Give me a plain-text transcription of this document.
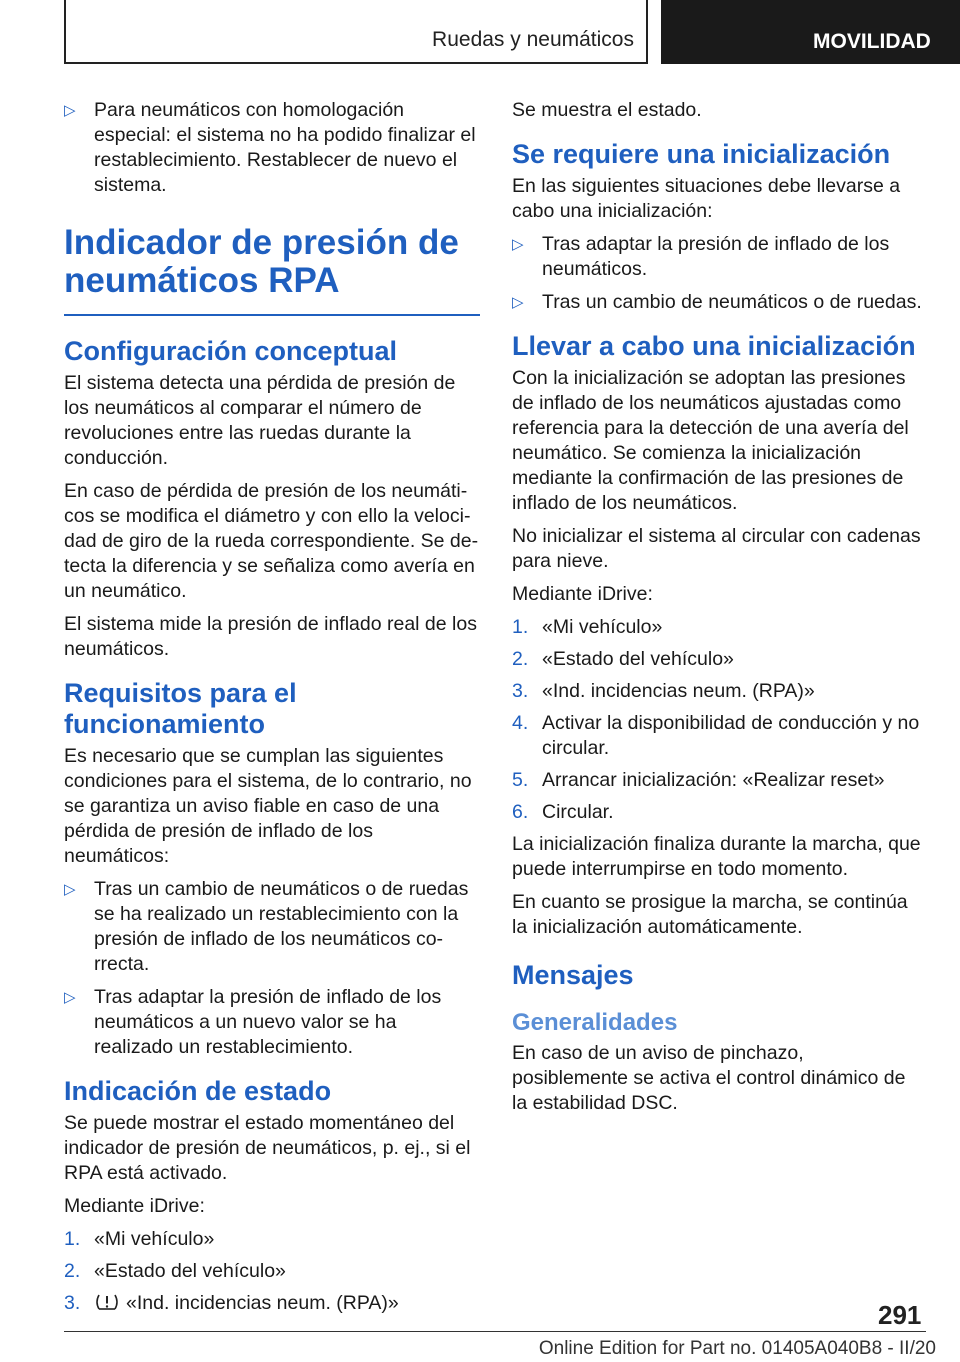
Ruedas y neumáticos	MOVILIDAD
▷ Para neumáticos con homologación especial: el sistema no ha podido finalizar el restablecimiento. Restablecer de nuevo el sistema.
Indicador de presión de neumáticos RPA
Configuración conceptual

El sistema detecta una pérdida de presión de los neumáticos al comparar el número de revoluciones entre las ruedas durante la conducción.

En caso de pérdida de presión de los neumáticos se modifica el diámetro y con ello la velocidad de giro de la rueda correspondiente. Se detecta la diferencia y se señaliza como avería en un neumático.

El sistema mide la presión de inflado real de los neumáticos.

Requisitos para el funcionamiento

Es necesario que se cumplan las siguientes condiciones para el sistema, de lo contrario, no se garantiza un aviso fiable en caso de una pérdida de presión de inflado de los neumáticos:

▷ Tras un cambio de neumáticos o de ruedas se ha realizado un restablecimiento con la presión de inflado de los neumáticos correcta.
▷ Tras adaptar la presión de inflado de los neumáticos a un nuevo valor se ha realizado un restablecimiento.
Indicación de estado

Se puede mostrar el estado momentáneo del indicador de presión de neumáticos, p. ej., si el RPA está activado.

Mediante iDrive:

1. «Mi vehículo»
2. «Estado del vehículo»
3. «Ind. incidencias neum. (RPA)»

Se muestra el estado.

Se requiere una inicialización

En las siguientes situaciones debe llevarse a cabo una inicialización:

▷ Tras adaptar la presión de inflado de los neumáticos.
▷ Tras un cambio de neumáticos o de ruedas.
Llevar a cabo una inicialización

Con la inicialización se adoptan las presiones de inflado de los neumáticos ajustadas como referencia para la detección de una avería del neumático. Se comienza la inicialización mediante la confirmación de las presiones de inflado de los neumáticos.

No inicializar el sistema al circular con cadenas para nieve.

Mediante iDrive:

1. «Mi vehículo»
2. «Estado del vehículo»
3. «Ind. incidencias neum. (RPA)»
4. Activar la disponibilidad de conducción y no circular.
5. Arrancar inicialización: «Realizar reset»
6. Circular.

La inicialización finaliza durante la marcha, que puede interrumpirse en todo momento.

En cuanto se prosigue la marcha, se continúa la inicialización automáticamente.

Mensajes
Generalidades

En caso de un aviso de pinchazo, posiblemente se activa el control dinámico de la estabilidad DSC.

291
Online Edition for Part no. 01405A040B8 - II/20
